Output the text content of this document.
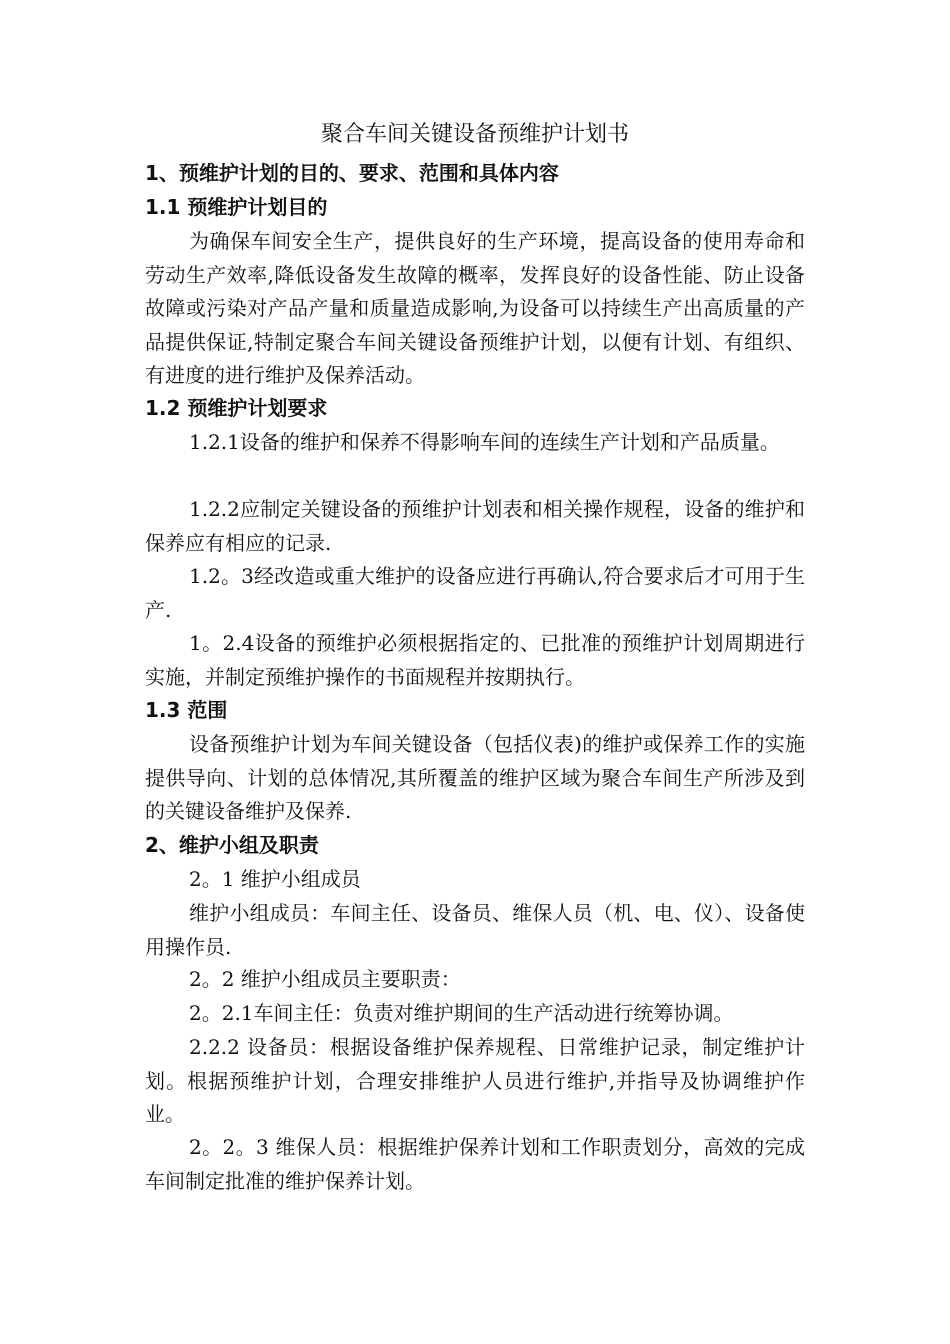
聚合车间关键设备预维护计划书
1、预维护计划的目的、要求、范围和具体内容
1.1 预维护计划目的
为确保车间安全生产，提供良好的生产环境，提高设备的使用寿命和劳动生产效率,降低设备发生故障的概率，发挥良好的设备性能、防止设备故障或污染对产品产量和质量造成影响,为设备可以持续生产出高质量的产品提供保证,特制定聚合车间关键设备预维护计划，以便有计划、有组织、有进度的进行维护及保养活动。
1.2 预维护计划要求
1.2.1设备的维护和保养不得影响车间的连续生产计划和产品质量。
1.2.2应制定关键设备的预维护计划表和相关操作规程，设备的维护和保养应有相应的记录.
1.2。3经改造或重大维护的设备应进行再确认,符合要求后才可用于生产.
1。2.4设备的预维护必须根据指定的、已批准的预维护计划周期进行实施，并制定预维护操作的书面规程并按期执行。
1.3 范围
设备预维护计划为车间关键设备（包括仪表)的维护或保养工作的实施提供导向、计划的总体情况,其所覆盖的维护区域为聚合车间生产所涉及到的关键设备维护及保养.
2、维护小组及职责
2。1 维护小组成员
维护小组成员：车间主任、设备员、维保人员（机、电、仪）、设备使用操作员.
2。2 维护小组成员主要职责：
2。2.1车间主任：负责对维护期间的生产活动进行统筹协调。
2.2.2 设备员：根据设备维护保养规程、日常维护记录，制定维护计划。根据预维护计划，合理安排维护人员进行维护,并指导及协调维护作业。
2。2。3 维保人员：根据维护保养计划和工作职责划分，高效的完成车间制定批准的维护保养计划。
